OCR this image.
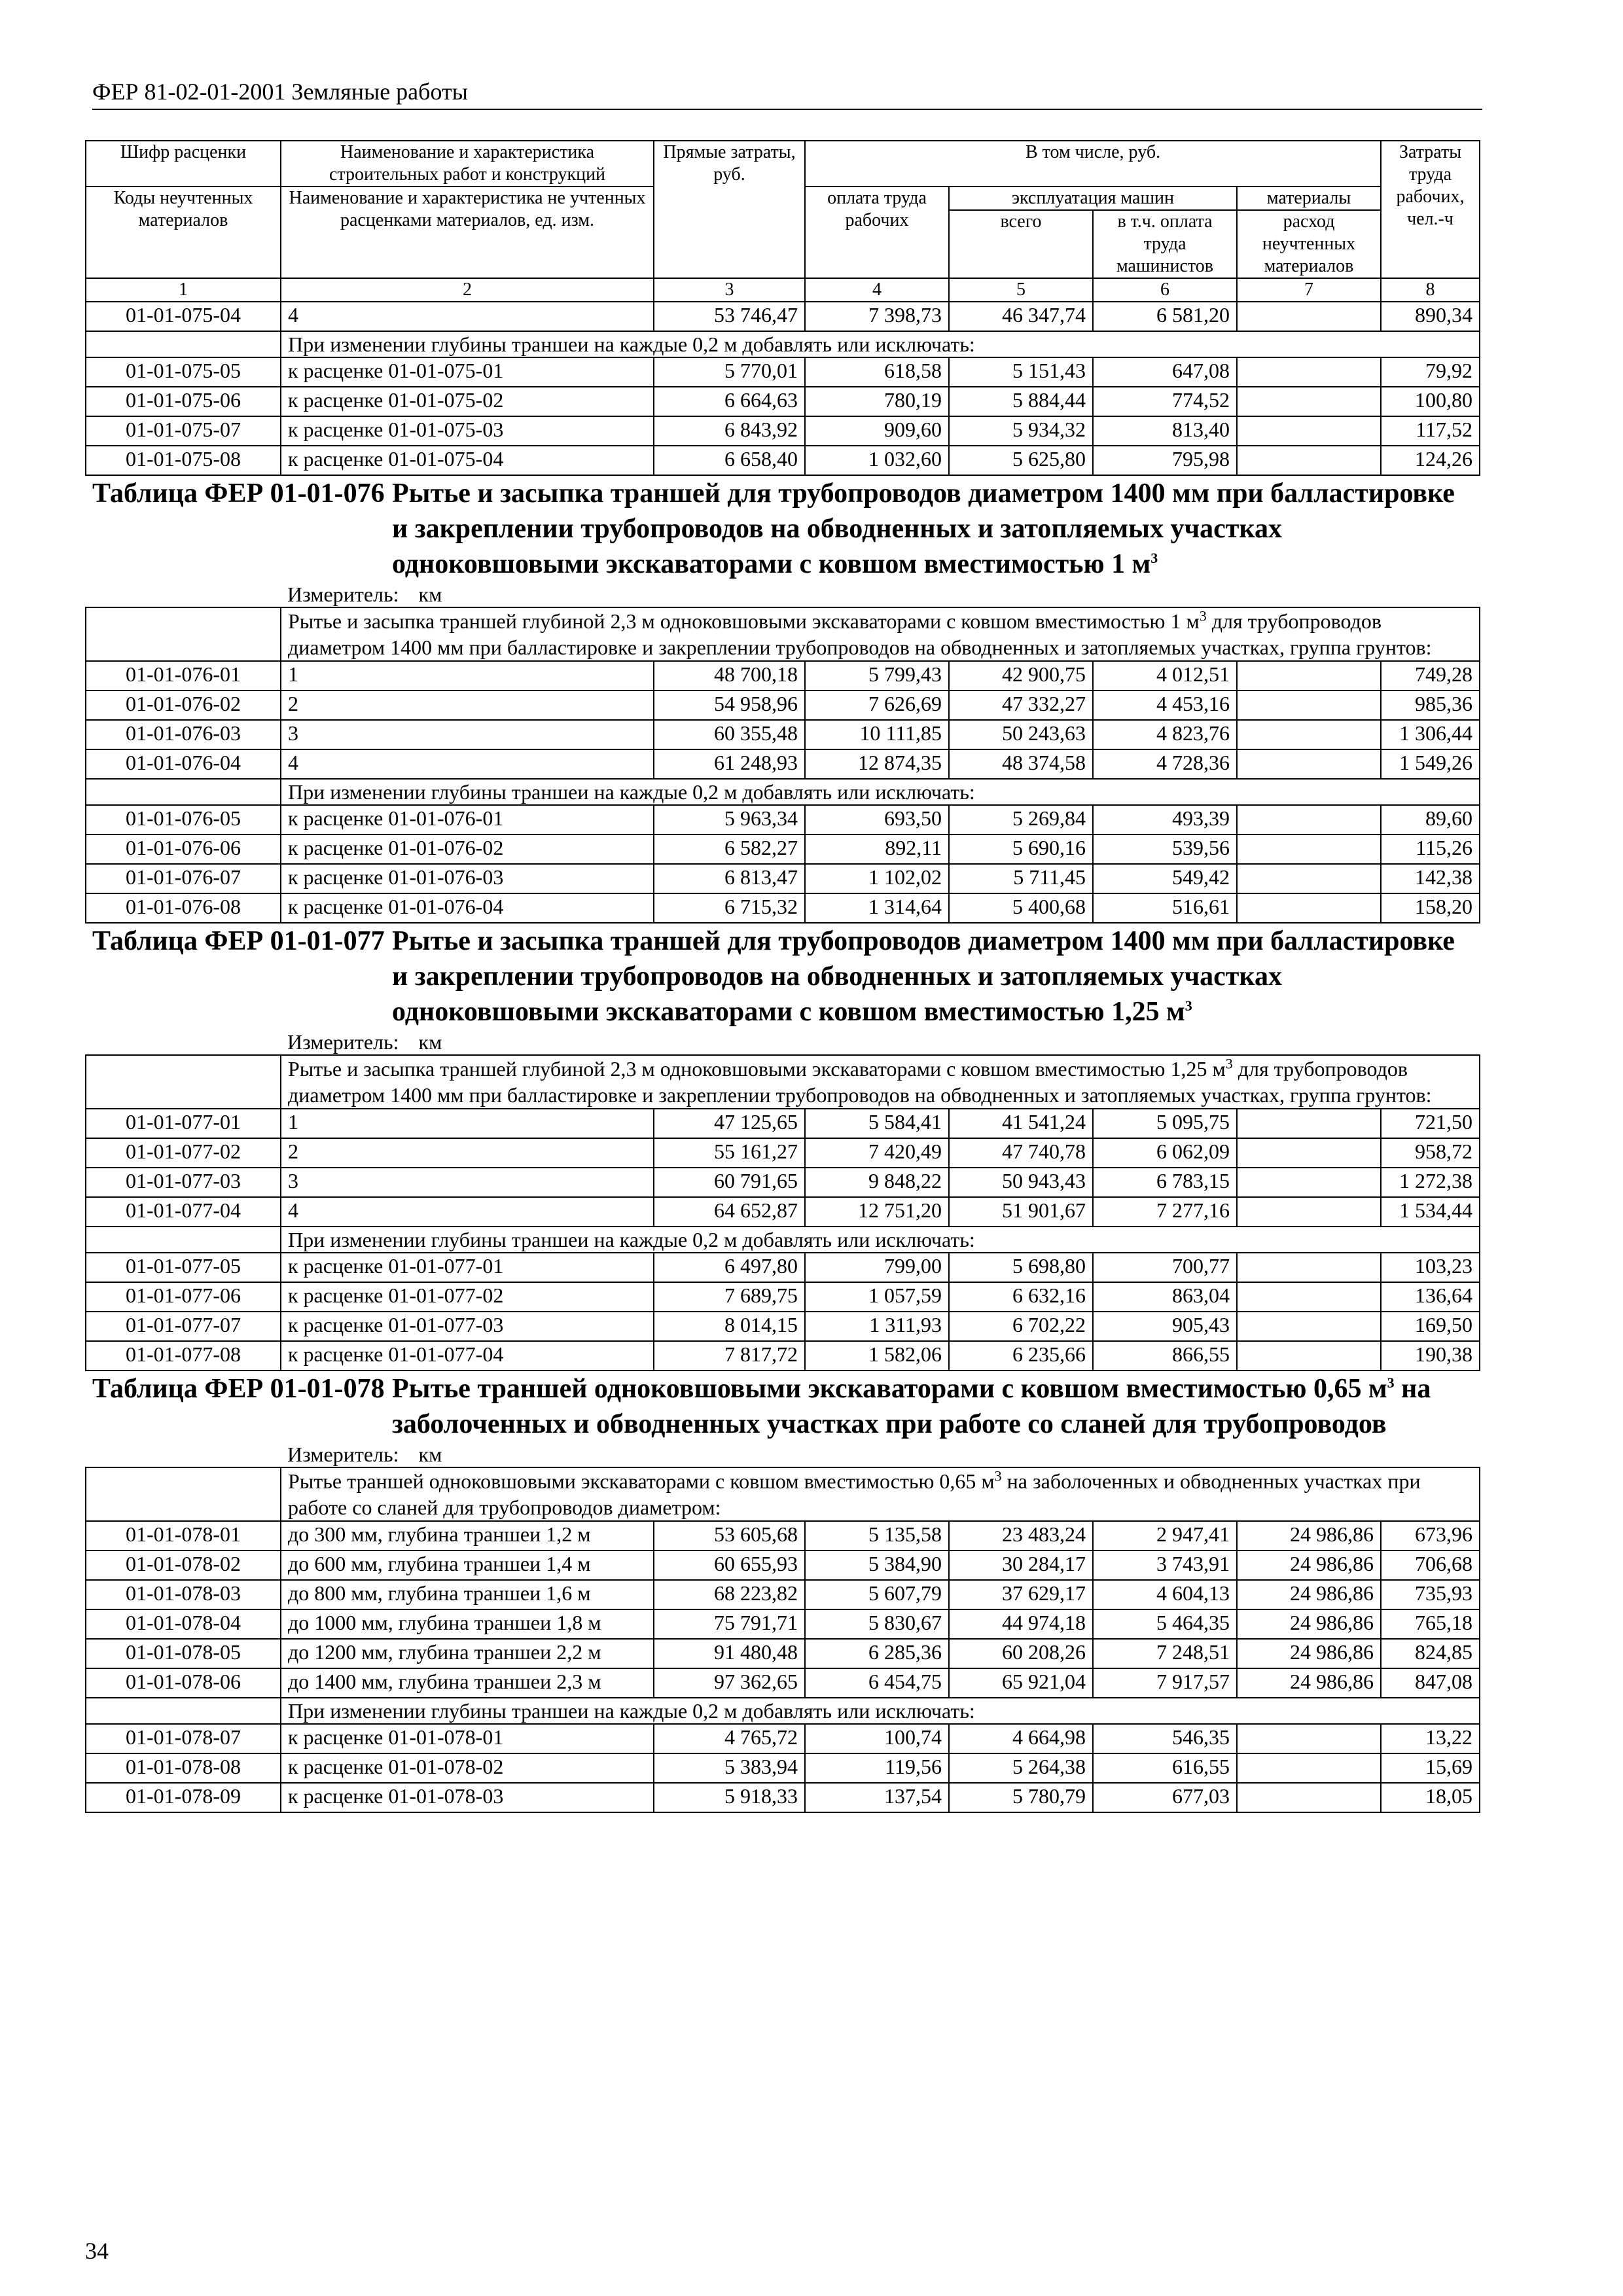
ФЕР 81-02-01-2001 Земляные работы
Шифр расценки	Наименование и характеристика строительных работ и конструкций	Прямые затраты, руб.	В том числе, руб.				Затраты труда рабочих, чел.-ч
Коды неучтенных материалов	Наименование и характеристика не учтенных расценками материалов, ед. изм.		оплата труда рабочих	эксплуатация машин		материалы	
				всего	в т.ч. оплата труда машинистов	расход неучтенных материалов	
1	2	3	4	5	6	7	8
01-01-075-04	4	53 746,47	7 398,73	46 347,74	6 581,20		890,34
	При изменении глубины траншеи на каждые 0,2 м добавлять или исключать:						
01-01-075-05	к расценке 01-01-075-01	5 770,01	618,58	5 151,43	647,08		79,92
01-01-075-06	к расценке 01-01-075-02	6 664,63	780,19	5 884,44	774,52		100,80
01-01-075-07	к расценке 01-01-075-03	6 843,92	909,60	5 934,32	813,40		117,52
01-01-075-08	к расценке 01-01-075-04	6 658,40	1 032,60	5 625,80	795,98		124,26
Таблица ФЕР 01-01-076	Рытье и засыпка траншей для трубопроводов диаметром 1400 мм при балластировке и закреплении трубопроводов на обводненных и затопляемых участках одноковшовыми экскаваторами с ковшом вместимостью 1 $м^3$
	Измеритель: км						
	Рытье и засыпка траншей глубиной 2,3 м одноковшовыми экскаваторами с ковшом вместимостью 1 $м^3$ для трубопроводов диаметром 1400 мм при балластировке и закреплении трубопроводов на обводненных и затопляемых участках, группа грунтов:						
01-01-076-01	1	48 700,18	5 799,43	42 900,75	4 012,51		749,28
01-01-076-02	2	54 958,96	7 626,69	47 332,27	4 453,16		985,36
01-01-076-03	3	60 355,48	10 111,85	50 243,63	4 823,76		1 306,44
01-01-076-04	4	61 248,93	12 874,35	48 374,58	4 728,36		1 549,26
	При изменении глубины траншеи на каждые 0,2 м добавлять или исключать:						
01-01-076-05	к расценке 01-01-076-01	5 963,34	693,50	5 269,84	493,39		89,60
01-01-076-06	к расценке 01-01-076-02	6 582,27	892,11	5 690,16	539,56		115,26
01-01-076-07	к расценке 01-01-076-03	6 813,47	1 102,02	5 711,45	549,42		142,38
01-01-076-08	к расценке 01-01-076-04	6 715,32	1 314,64	5 400,68	516,61		158,20
Таблица ФЕР 01-01-077	Рытье и засыпка траншей для трубопроводов диаметром 1400 мм при балластировке и закреплении трубопроводов на обводненных и затопляемых участках одноковшовыми экскаваторами с ковшом вместимостью 1,25 $м^3$
	Измеритель: км						
	Рытье и засыпка траншей глубиной 2,3 м одноковшовыми экскаваторами с ковшом вместимостью 1,25 $м^3$ для трубопроводов диаметром 1400 мм при балластировке и закреплении трубопроводов на обводненных и затопляемых участках, группа грунтов:						
01-01-077-01	1	47 125,65	5 584,41	41 541,24	5 095,75		721,50
01-01-077-02	2	55 161,27	7 420,49	47 740,78	6 062,09		958,72
01-01-077-03	3	60 791,65	9 848,22	50 943,43	6 783,15		1 272,38
01-01-077-04	4	64 652,87	12 751,20	51 901,67	7 277,16		1 534,44
	При изменении глубины траншеи на каждые 0,2 м добавлять или исключать:						
01-01-077-05	к расценке 01-01-077-01	6 497,80	799,00	5 698,80	700,77		103,23
01-01-077-06	к расценке 01-01-077-02	7 689,75	1 057,59	6 632,16	863,04		136,64
01-01-077-07	к расценке 01-01-077-03	8 014,15	1 311,93	6 702,22	905,43		169,50
01-01-077-08	к расценке 01-01-077-04	7 817,72	1 582,06	6 235,66	866,55		190,38
Таблица ФЕР 01-01-078	Рытье траншей одноковшовыми экскаваторами с ковшом вместимостью 0,65 $м^3$ на заболоченных и обводненных участках при работе со сланей для трубопроводов						
	Измеритель: км						
	Рытье траншей одноковшовыми экскаваторами с ковшом вместимостью 0,65 $м^3$ на заболоченных и обводненных участках при работе со сланей для трубопроводов диаметром:						
01-01-078-01	до 300 мм, глубина траншеи 1,2 м	53 605,68	5 135,58	23 483,24	2 947,41	24 986,86	673,96
01-01-078-02	до 600 мм, глубина траншеи 1,4 м	60 655,93	5 384,90	30 284,17	3 743,91	24 986,86	706,68
01-01-078-03	до 800 мм, глубина траншеи 1,6 м	68 223,82	5 607,79	37 629,17	4 604,13	24 986,86	735,93
01-01-078-04	до 1000 мм, глубина траншеи 1,8 м	75 791,71	5 830,67	44 974,18	5 464,35	24 986,86	765,18
01-01-078-05	до 1200 мм, глубина траншеи 2,2 м	91 480,48	6 285,36	60 208,26	7 248,51	24 986,86	824,85
01-01-078-06	до 1400 мм, глубина траншеи 2,3 м	97 362,65	6 454,75	65 921,04	7 917,57	24 986,86	847,08
	При изменении глубины траншеи на каждые 0,2 м добавлять или исключать:						
01-01-078-07	к расценке 01-01-078-01	4 765,72	100,74	4 664,98	546,35		13,22
01-01-078-08	к расценке 01-01-078-02	5 383,94	119,56	5 264,38	616,55		15,69
01-01-078-09	к расценке 01-01-078-03	5 918,33	137,54	5 780,79	677,03		18,05
34
